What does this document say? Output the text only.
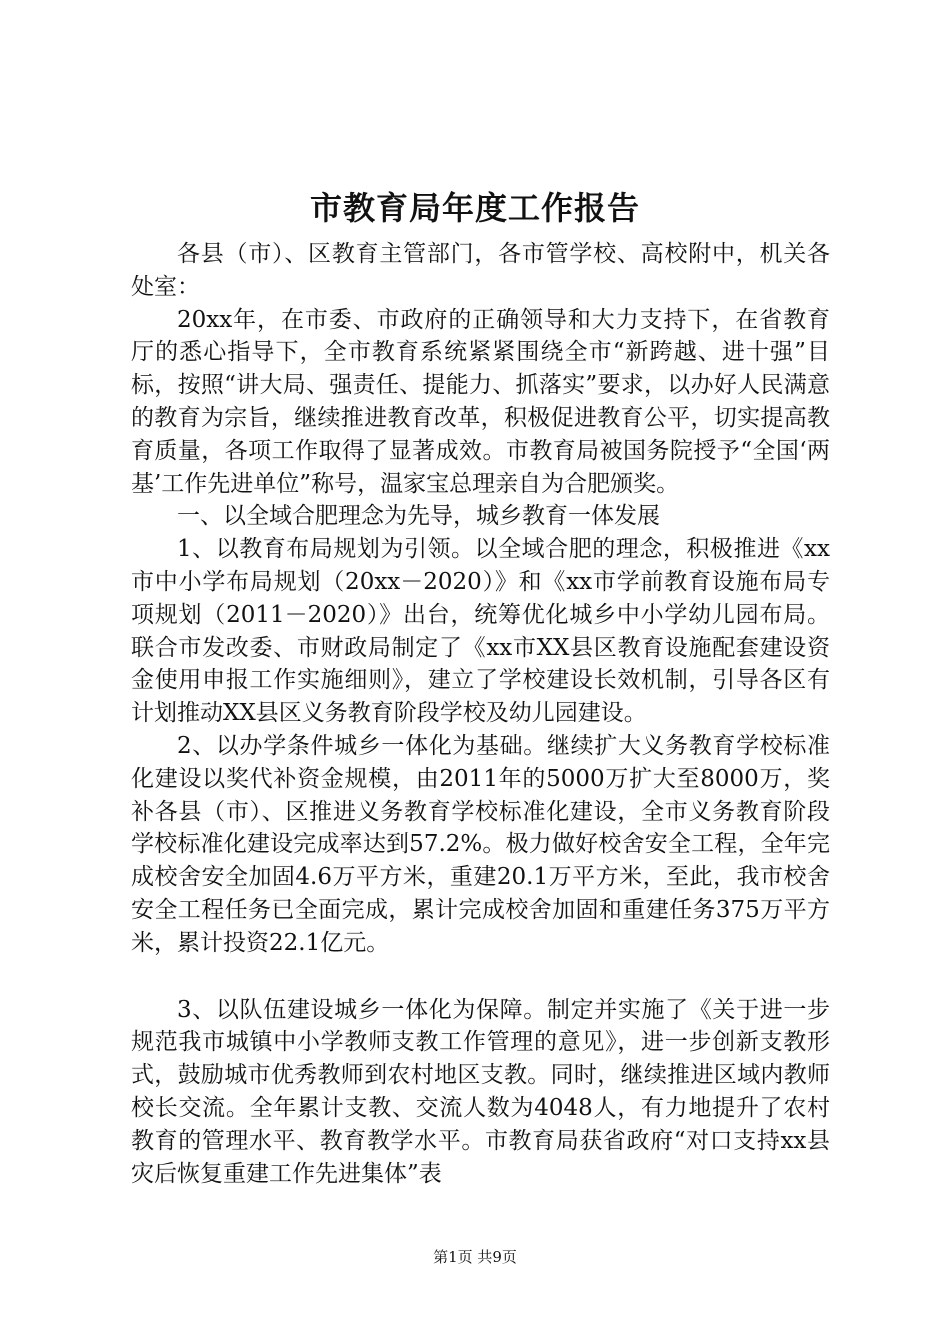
市教育局年度工作报告

各县（市）、区教育主管部门，各市管学校、高校附中，机关各处室：

20xx年，在市委、市政府的正确领导和大力支持下，在省教育厅的悉心指导下，全市教育系统紧紧围绕全市“新跨越、进十强”目标，按照“讲大局、强责任、提能力、抓落实”要求，以办好人民满意的教育为宗旨，继续推进教育改革，积极促进教育公平，切实提高教育质量，各项工作取得了显著成效。市教育局被国务院授予“全国‘两基’工作先进单位”称号，温家宝总理亲自为合肥颁奖。

一、以全域合肥理念为先导，城乡教育一体发展

1、以教育布局规划为引领。以全域合肥的理念，积极推进《xx市中小学布局规划（20xx－2020）》和《xx市学前教育设施布局专项规划（2011－2020）》出台，统筹优化城乡中小学幼儿园布局。联合市发改委、市财政局制定了《xx市XX县区教育设施配套建设资金使用申报工作实施细则》，建立了学校建设长效机制，引导各区有计划推动XX县区义务教育阶段学校及幼儿园建设。

2、以办学条件城乡一体化为基础。继续扩大义务教育学校标准化建设以奖代补资金规模，由2011年的5000万扩大至8000万，奖补各县（市）、区推进义务教育学校标准化建设，全市义务教育阶段学校标准化建设完成率达到57.2%。极力做好校舍安全工程，全年完成校舍安全加固4.6万平方米，重建20.1万平方米，至此，我市校舍安全工程任务已全面完成，累计完成校舍加固和重建任务375万平方米，累计投资22.1亿元。

3、以队伍建设城乡一体化为保障。制定并实施了《关于进一步规范我市城镇中小学教师支教工作管理的意见》，进一步创新支教形式，鼓励城市优秀教师到农村地区支教。同时，继续推进区域内教师校长交流。全年累计支教、交流人数为4048人，有力地提升了农村教育的管理水平、教育教学水平。市教育局获省政府“对口支持xx县灾后恢复重建工作先进集体”表

第1页 共9页
